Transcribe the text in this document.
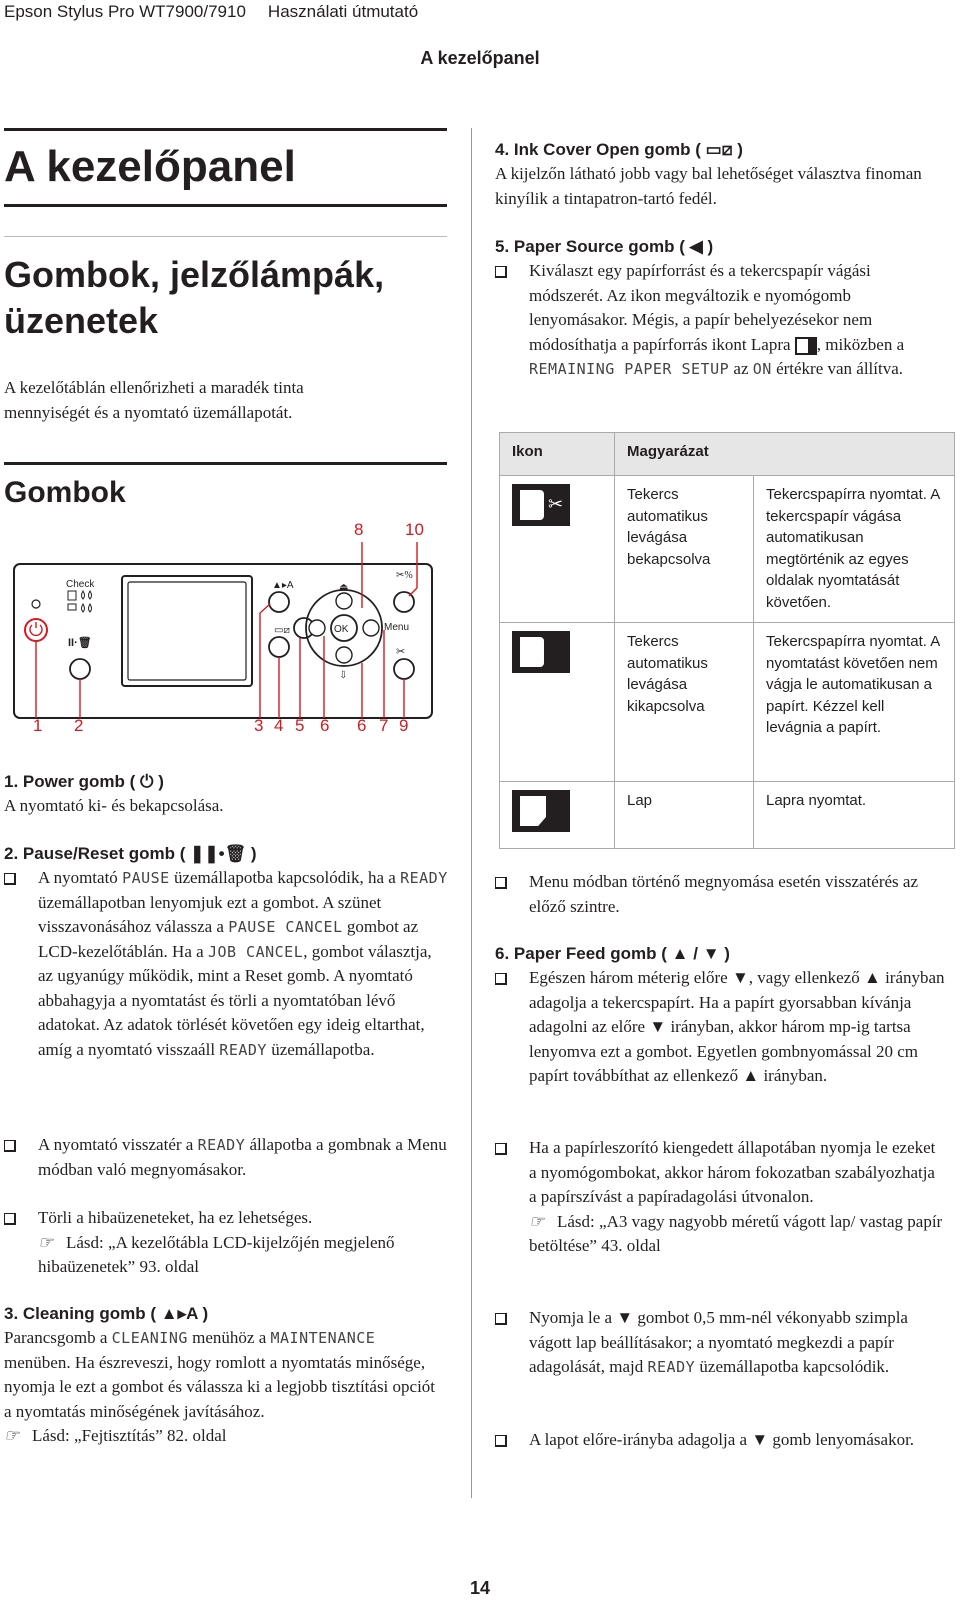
Epson Stylus Pro WT7900/7910 Használati útmutató
A kezelőpanel
A kezelőpanel
Gombok, jelzőlámpák, üzenetek
A kezelőtáblán ellenőrizheti a maradék tinta mennyiségét és a nyomtató üzemállapotát.
Gombok
Check
II·🗑
▲▸A
▭⧄	OK	Menu
⏏
⇩
✂%
✂
8 10
1 2	3 4 5 6 6 7 9
1. Power gomb ( ⏻ )
A nyomtató ki- és bekapcsolása.
2. Pause/Reset gomb ( ❚❚•🗑 )
A nyomtató PAUSE üzemállapotba kapcsolódik, ha a READY üzemállapotban lenyomjuk ezt a gombot. A szünet visszavonásához válassza a PAUSE CANCEL gombot az LCD-kezelőtáblán. Ha a JOB CANCEL, gombot választja, az ugyanúgy működik, mint a Reset gomb. A nyomtató abbahagyja a nyomtatást és törli a nyomtatóban lévő adatokat. Az adatok törlését követően egy ideig eltarthat, amíg a nyomtató visszaáll READY üzemállapotba.
A nyomtató visszatér a READY állapotba a gombnak a Menu módban való megnyomásakor.
Törli a hibaüzeneteket, ha ez lehetséges.
☞ Lásd: „A kezelőtábla LCD-kijelzőjén megjelenő hibaüzenetek” 93. oldal
3. Cleaning gomb ( ▲▸A )
Parancsgomb a CLEANING menühöz a MAINTENANCE menüben. Ha észreveszi, hogy romlott a nyomtatás minősége, nyomja le ezt a gombot és válassza ki a legjobb tisztítási opciót a nyomtatás minőségének javításához.
☞ Lásd: „Fejtisztítás” 82. oldal
4. Ink Cover Open gomb ( ▭⧄ )
A kijelzőn látható jobb vagy bal lehetőséget választva finoman kinyílik a tintapatron-tartó fedél.
5. Paper Source gomb ( ◀ )
Kiválaszt egy papírforrást és a tekercspapír vágási módszerét. Az ikon megváltozik e nyomógomb lenyomásakor. Mégis, a papír behelyezésekor nem módosíthatja a papírforrás ikont Lapra
, miközben a REMAINING PAPER SETUP az ON értékre van állítva.
Ikon	Magyarázat	

✂	Tekercs automatikus levágása bekapcsolva	Tekercspapírra nyomtat. A tekercspapír vágása automatikusan megtörténik az egyes oldalak nyomtatását követően.

	Tekercs automatikus levágása kikapcsolva	Tekercspapírra nyomtat. A nyomtatást követően nem vágja le automatikusan a papírt. Kézzel kell levágnia a papírt.

	Lap	Lapra nyomtat.
Menu módban történő megnyomása esetén visszatérés az előző szintre.
6. Paper Feed gomb ( ▲ / ▼ )
Egészen három méterig előre ▼, vagy ellenkező ▲ irányban adagolja a tekercspapírt. Ha a papírt gyorsabban kívánja adagolni az előre ▼ irányban, akkor három mp-ig tartsa lenyomva ezt a gombot. Egyetlen gombnyomással 20 cm papírt továbbíthat az ellenkező ▲ irányban.
Ha a papírleszorító kiengedett állapotában nyomja le ezeket a nyomógombokat, akkor három fokozatban szabályozhatja a papírszívást a papíradagolási útvonalon.
☞ Lásd: „A3 vagy nagyobb méretű vágott lap/ vastag papír betöltése” 43. oldal
Nyomja le a ▼ gombot 0,5 mm-nél vékonyabb szimpla vágott lap beállításakor; a nyomtató megkezdi a papír adagolását, majd READY üzemállapotba kapcsolódik.
A lapot előre-irányba adagolja a ▼ gomb lenyomásakor.
14
